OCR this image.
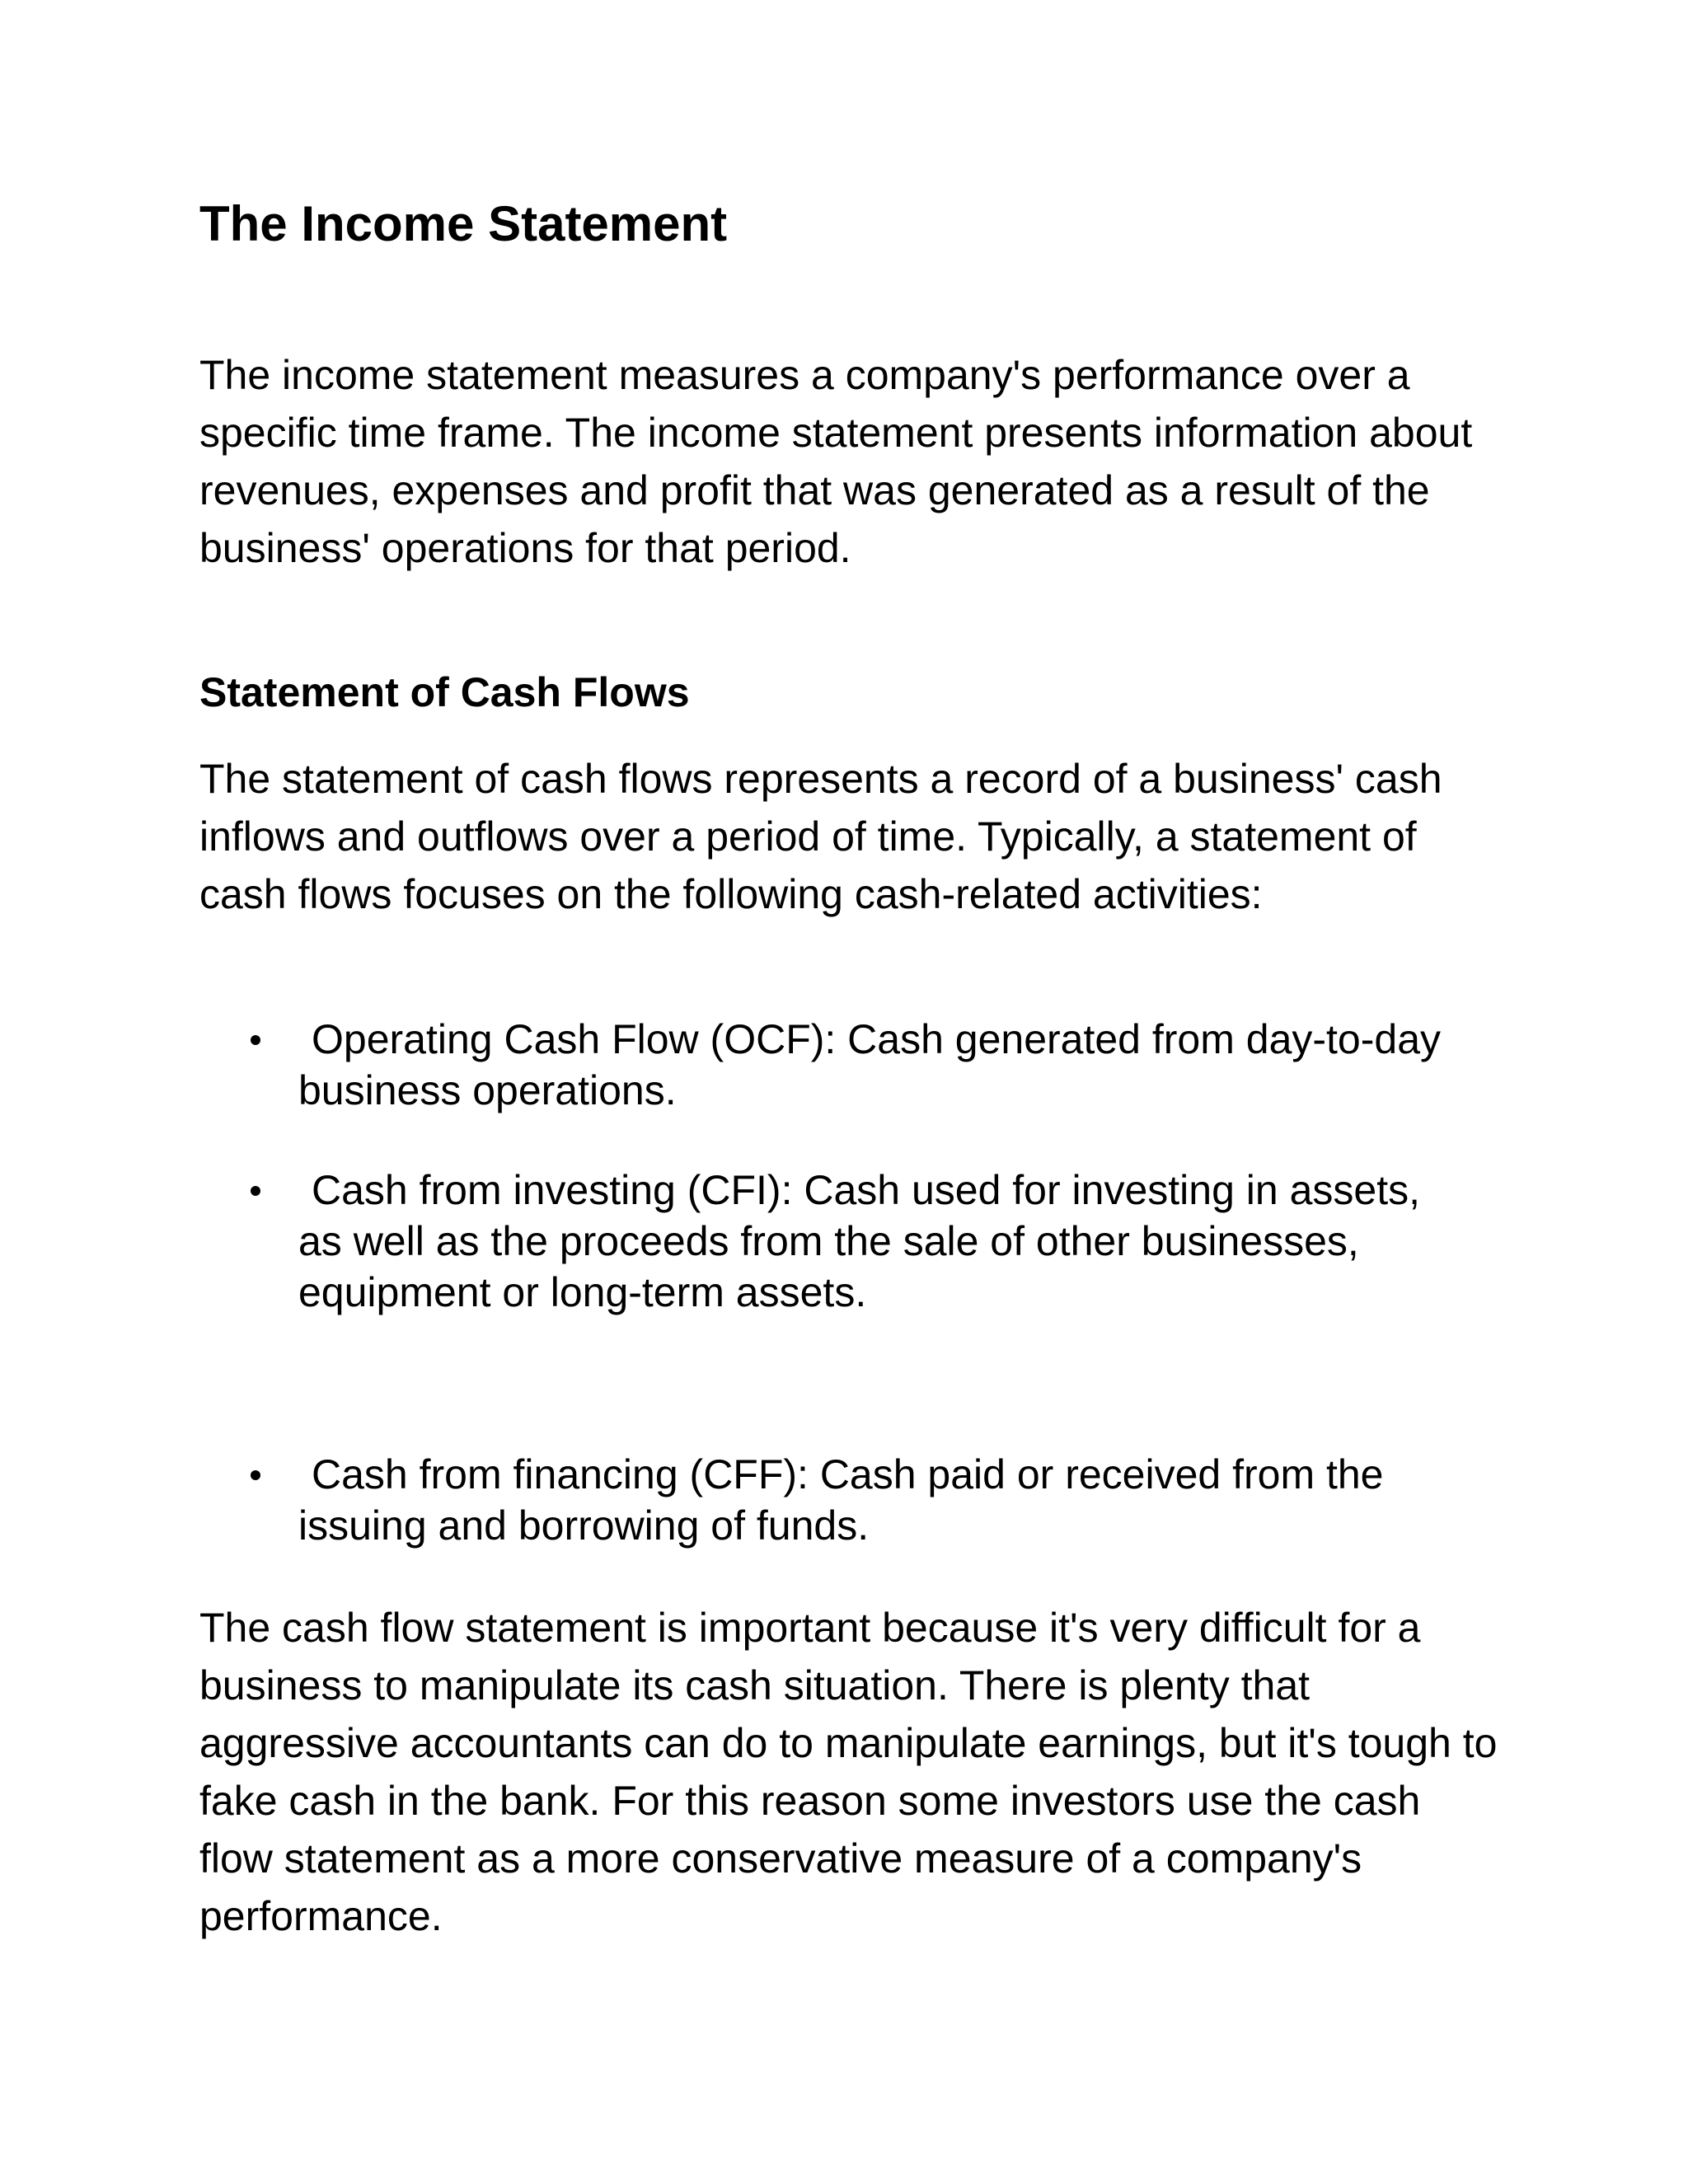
The Income Statement

The income statement measures a company's performance over a specific time frame. The income statement presents information about revenues, expenses and profit that was generated as a result of the business' operations for that period.

Statement of Cash Flows

The statement of cash flows represents a record of a business' cash inflows and outflows over a period of time. Typically, a statement of cash flows focuses on the following cash-related activities:

Operating Cash Flow (OCF): Cash generated from day-to-day business operations.
Cash from investing (CFI): Cash used for investing in assets, as well as the proceeds from the sale of other businesses, equipment or long-term assets.
Cash from financing (CFF): Cash paid or received from the issuing and borrowing of funds.

The cash flow statement is important because it's very difficult for a business to manipulate its cash situation. There is plenty that aggressive accountants can do to manipulate earnings, but it's tough to fake cash in the bank. For this reason some investors use the cash flow statement as a more conservative measure of a company's performance.
